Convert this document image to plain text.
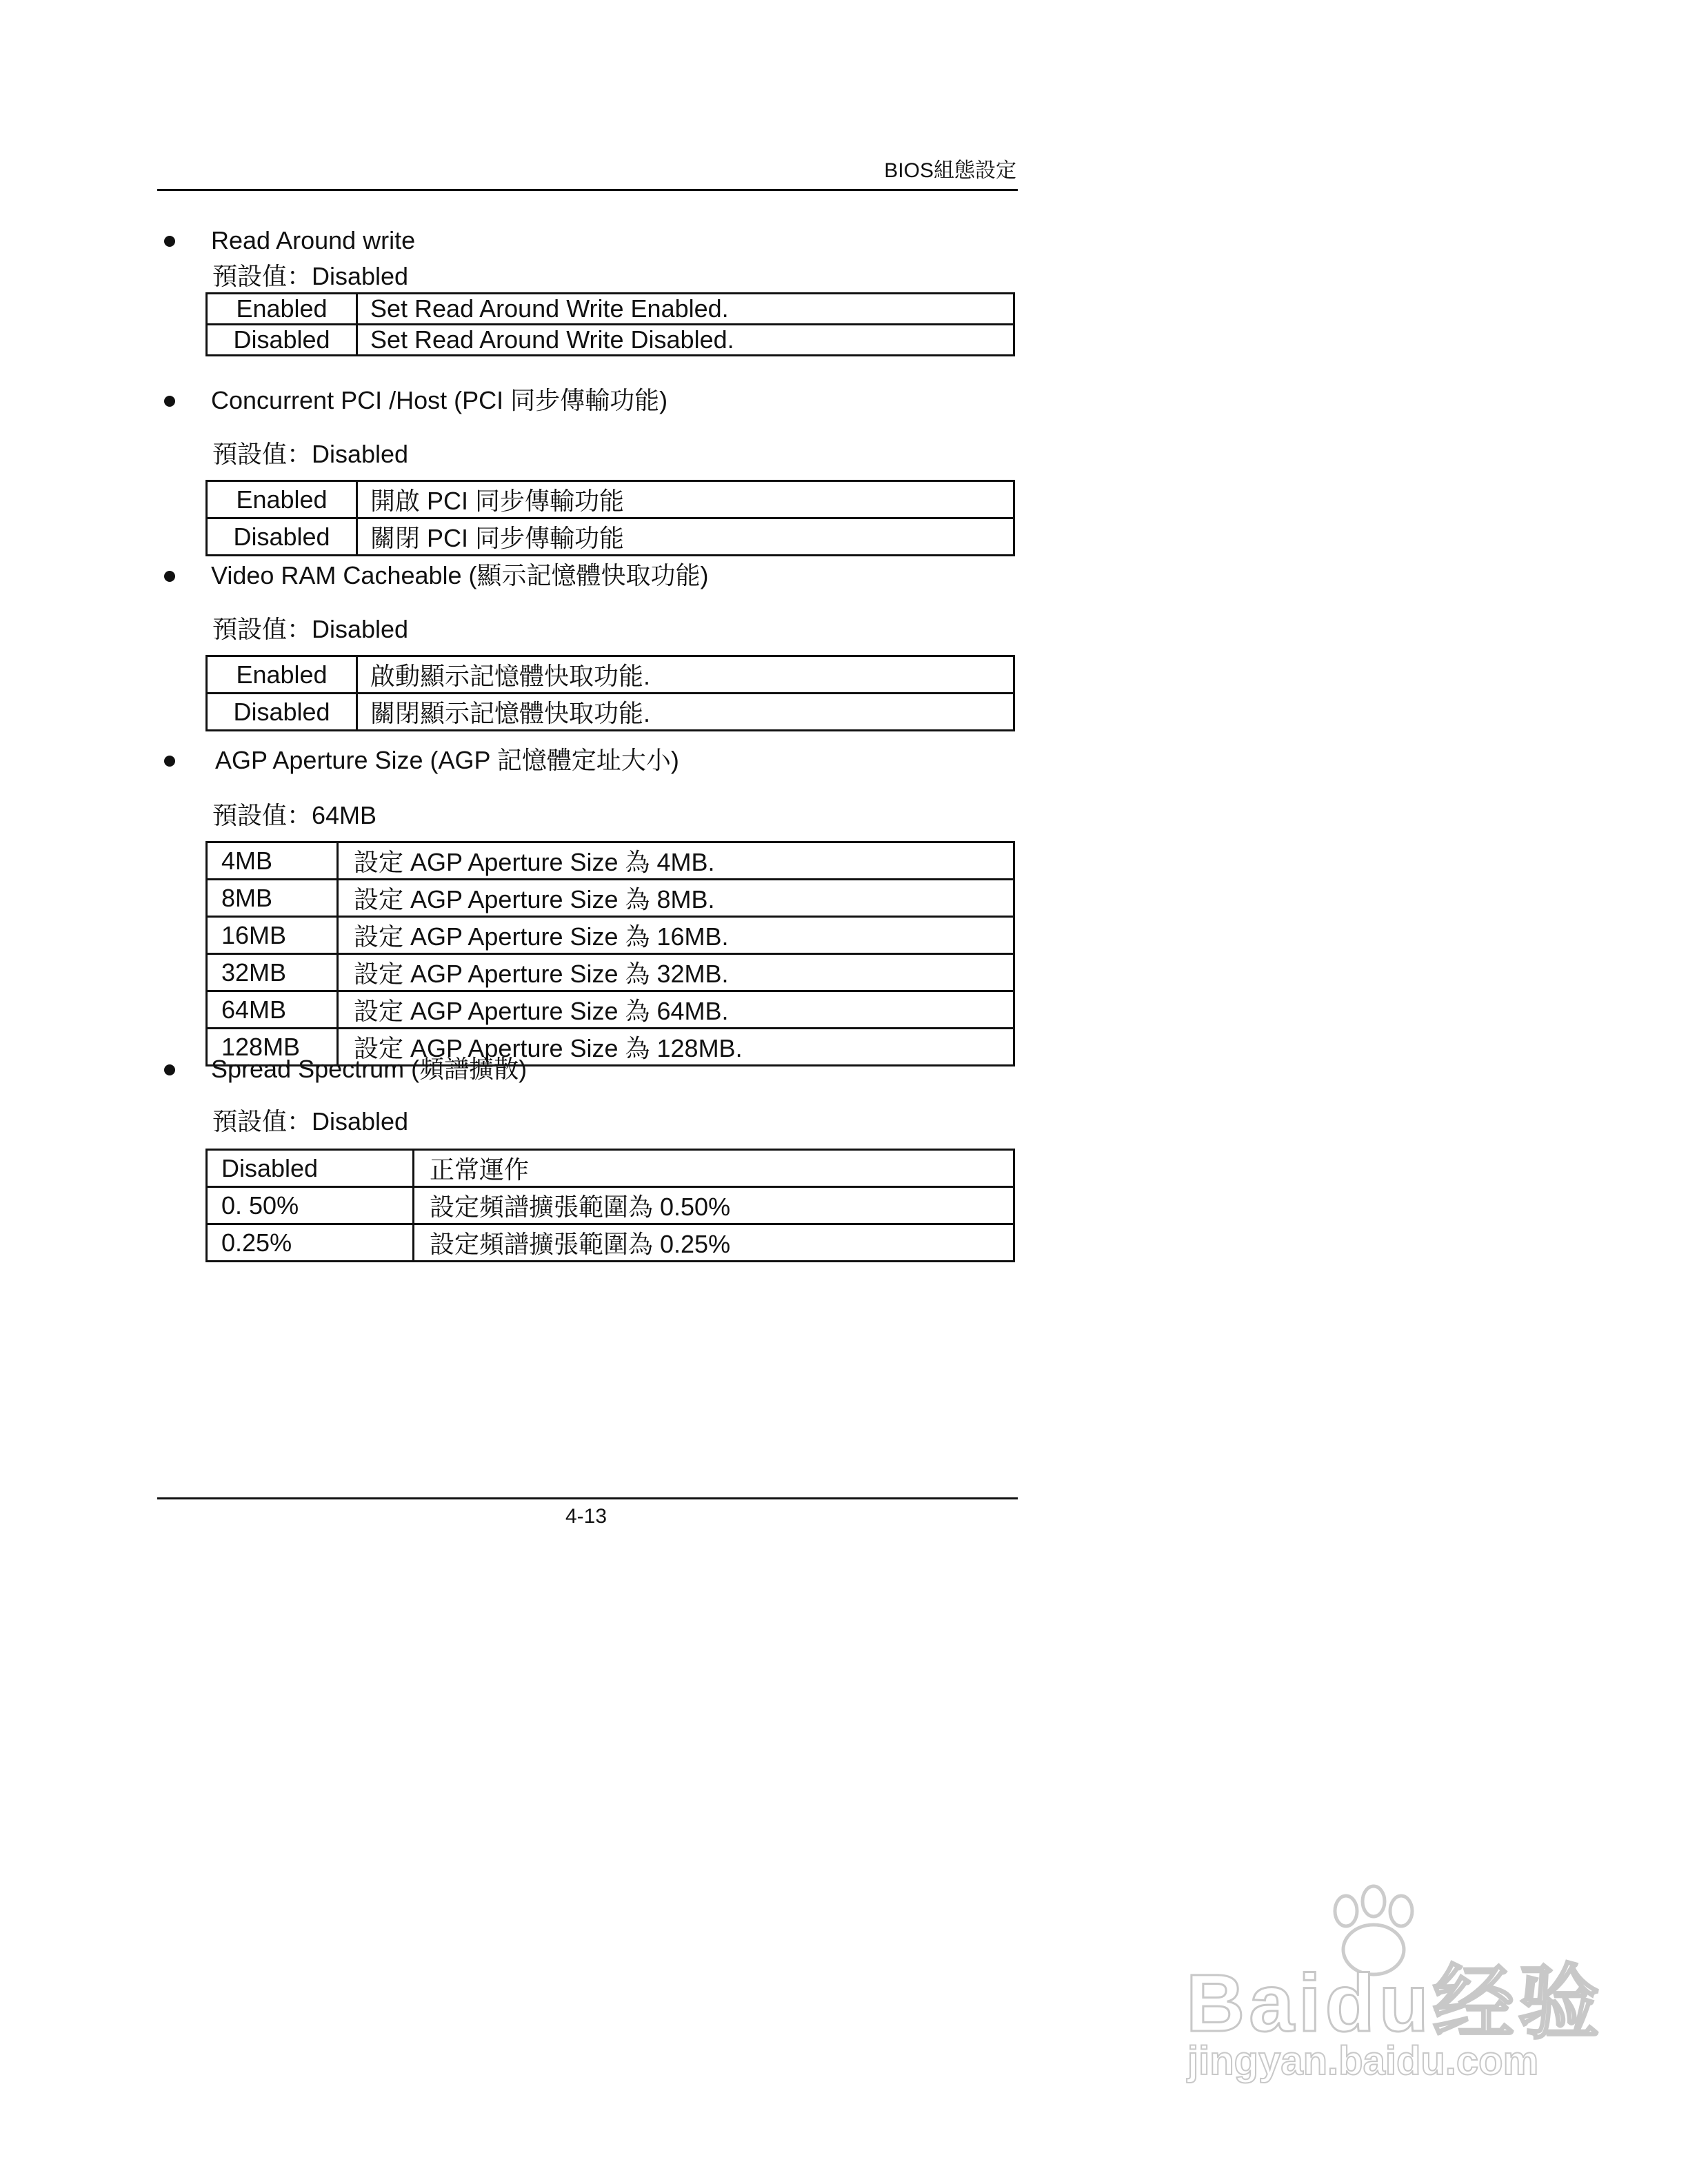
BIOS組態設定
Read Around write
預設值：Disabled
Enabled	Set Read Around Write Enabled.
Disabled	Set Read Around Write Disabled.
Concurrent PCI /Host (PCI 同步傳輸功能)
預設值：Disabled
Enabled	開啟 PCI 同步傳輸功能
Disabled	關閉 PCI 同步傳輸功能
Video RAM Cacheable (顯示記憶體快取功能)
預設值：Disabled
Enabled	啟動顯示記憶體快取功能.
Disabled	關閉顯示記憶體快取功能.
AGP Aperture Size (AGP 記憶體定址大小)
預設值：64MB
4MB	設定 AGP Aperture Size 為 4MB.
8MB	設定 AGP Aperture Size 為 8MB.
16MB	設定 AGP Aperture Size 為 16MB.
32MB	設定 AGP Aperture Size 為 32MB.
64MB	設定 AGP Aperture Size 為 64MB.
128MB	設定 AGP Aperture Size 為 128MB.
Spread Spectrum (頻譜擴散)
預設值：Disabled
Disabled	正常運作
0. 50%	設定頻譜擴張範圍為 0.50%
0.25%	設定頻譜擴張範圍為 0.25%
4-13
Baidu经验
jingyan.baidu.com
